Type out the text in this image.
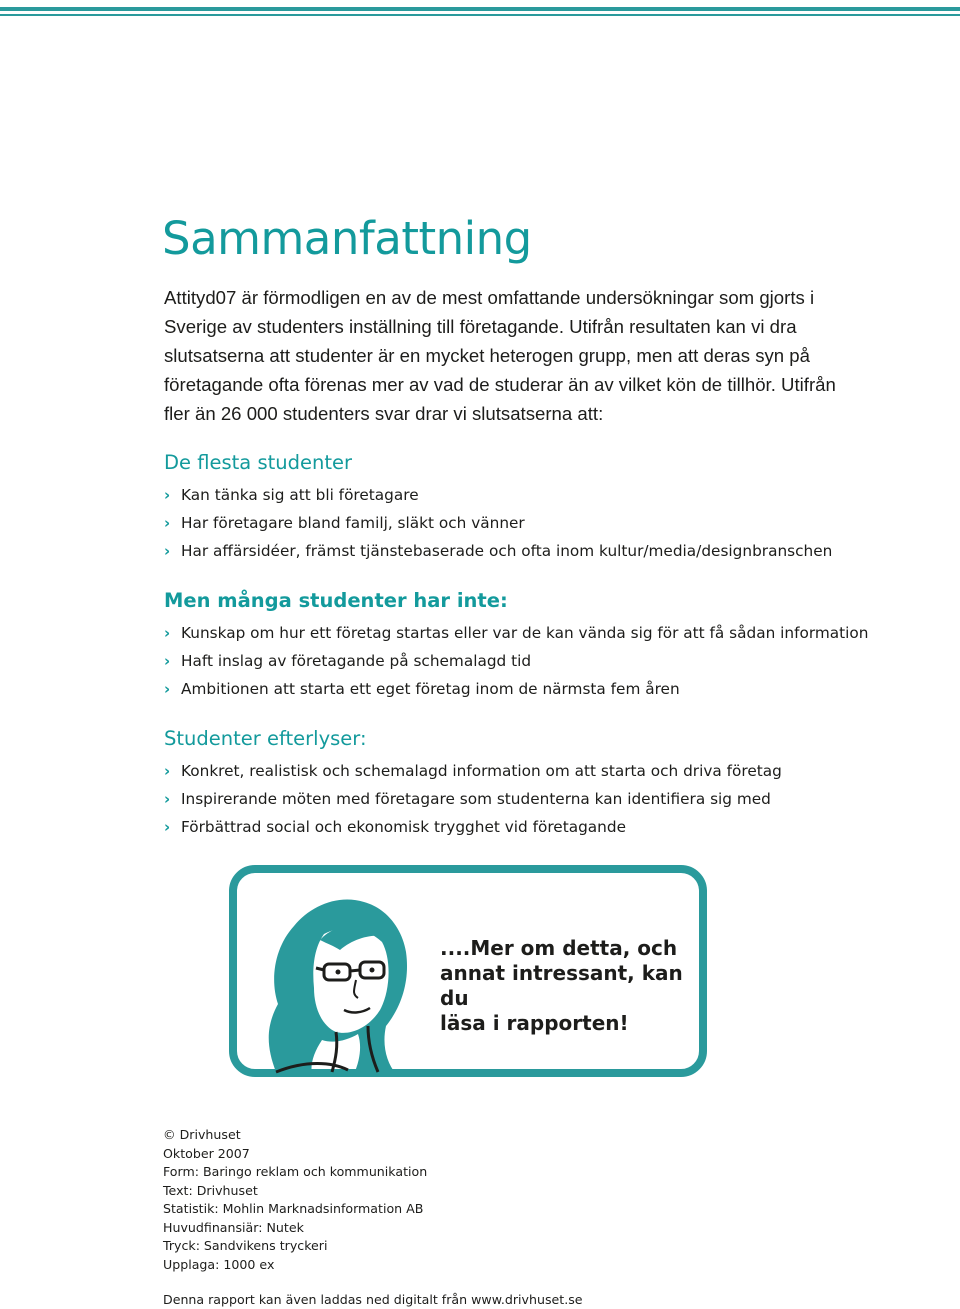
Sammanfattning

Attityd07 är förmodligen en av de mest omfattande undersökningar som gjorts i Sverige av studenters inställning till företagande. Utifrån resultaten kan vi dra slutsatserna att studenter är en mycket heterogen grupp, men att deras syn på företagande ofta förenas mer av vad de studerar än av vilket kön de tillhör. Utifrån fler än 26 000 studenters svar drar vi slutsatserna att:

De flesta studenter
› Kan tänka sig att bli företagare
› Har företagare bland familj, släkt och vänner
› Har affärsidéer, främst tjänstebaserade och ofta inom kultur/media/designbranschen
Men många studenter har inte:
› Kunskap om hur ett företag startas eller var de kan vända sig för att få sådan information
› Haft inslag av företagande på schemalagd tid
› Ambitionen att starta ett eget företag inom de närmsta fem åren
Studenter efterlyser:
› Konkret, realistisk och schemalagd information om att starta och driva företag
› Inspirerande möten med företagare som studenterna kan identifiera sig med
› Förbättrad social och ekonomisk trygghet vid företagande
....Mer om detta, och
annat intressant, kan du
läsa i rapporten!
© Drivhuset
Oktober 2007
Form: Baringo reklam och kommunikation
Text: Drivhuset
Statistik: Mohlin Marknadsinformation AB
Huvudfinansiär: Nutek
Tryck: Sandvikens tryckeri
Upplaga: 1000 ex

Denna rapport kan även laddas ned digitalt från www.drivhuset.se
